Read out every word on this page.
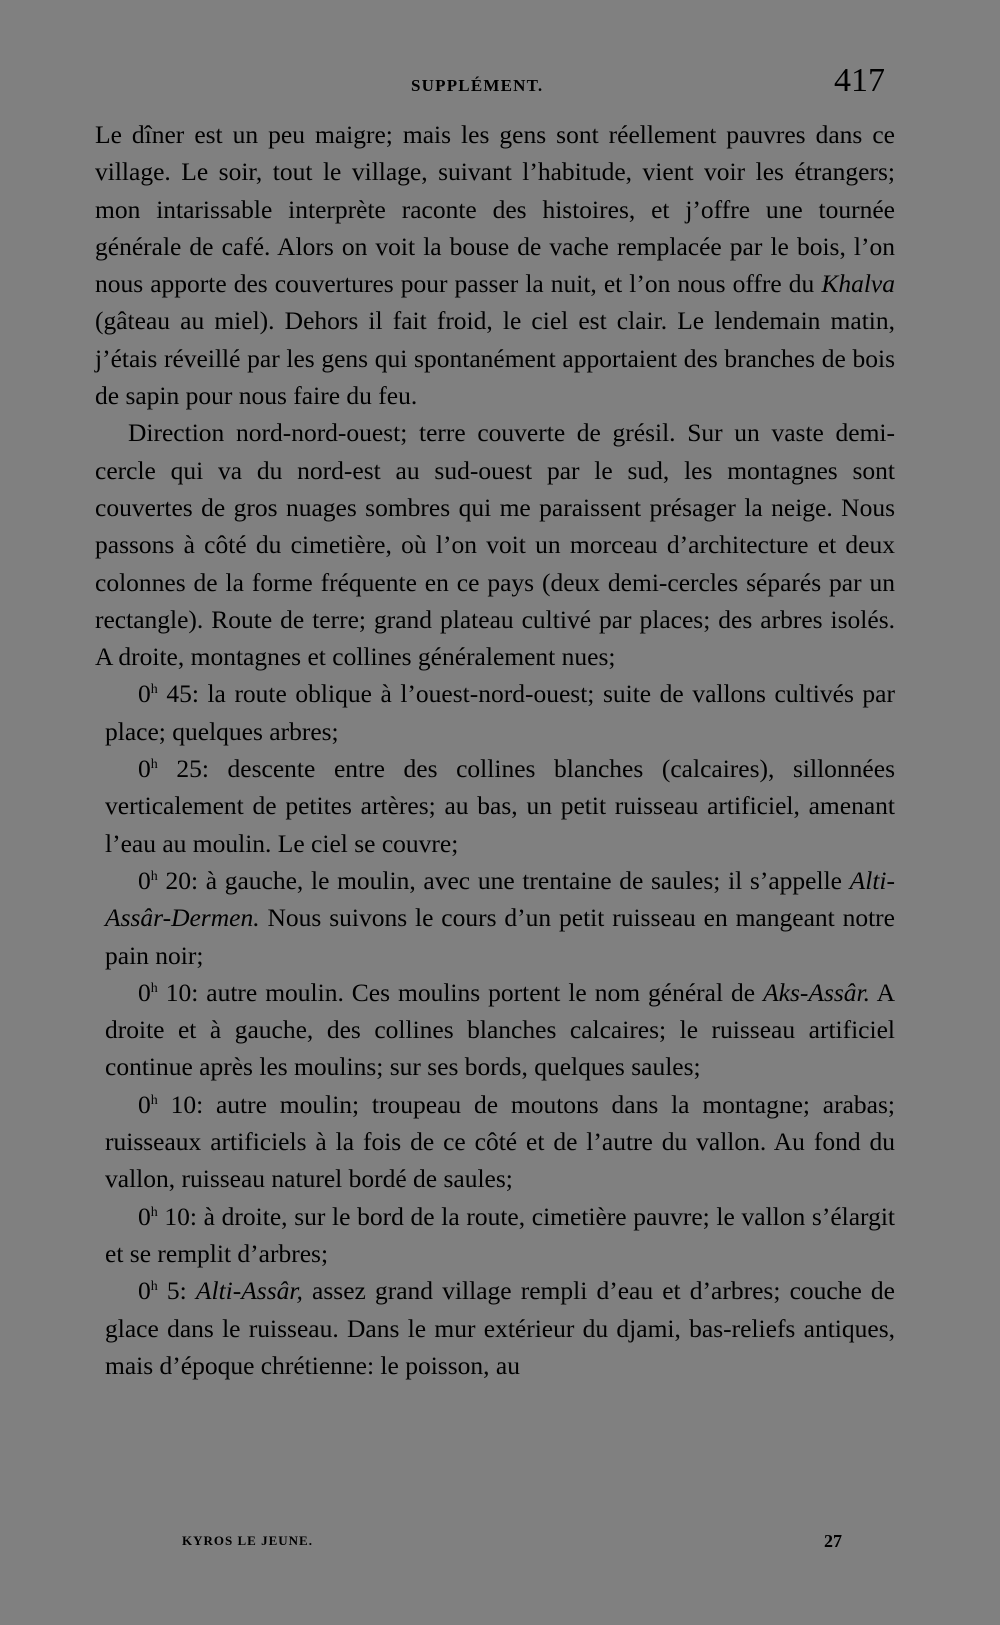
SUPPLÉMENT.	417

Le dîner est un peu maigre; mais les gens sont réellement pauvres dans ce village. Le soir, tout le village, suivant l’habitude, vient voir les étrangers; mon intarissable interprète raconte des histoires, et j’offre une tournée générale de café. Alors on voit la bouse de vache remplacée par le bois, l’on nous apporte des couvertures pour passer la nuit, et l’on nous offre du Khalva (gâteau au miel). Dehors il fait froid, le ciel est clair. Le lendemain matin, j’étais réveillé par les gens qui spontanément apportaient des branches de bois de sapin pour nous faire du feu.

Direction nord-nord-ouest; terre couverte de grésil. Sur un vaste demi-cercle qui va du nord-est au sud-ouest par le sud, les montagnes sont couvertes de gros nuages sombres qui me paraissent présager la neige. Nous passons à côté du cimetière, où l’on voit un morceau d’architecture et deux colonnes de la forme fréquente en ce pays (deux demi-cercles séparés par un rectangle). Route de terre; grand plateau cultivé par places; des arbres isolés. A droite, montagnes et collines généralement nues;

0$^h$ 45: la route oblique à l’ouest-nord-ouest; suite de vallons cultivés par place; quelques arbres;

0$^h$ 25: descente entre des collines blanches (calcaires), sillonnées verticalement de petites artères; au bas, un petit ruisseau artificiel, amenant l’eau au moulin. Le ciel se couvre;

0$^h$ 20: à gauche, le moulin, avec une trentaine de saules; il s’appelle Alti-Assâr-Dermen. Nous suivons le cours d’un petit ruisseau en mangeant notre pain noir;

0$^h$ 10: autre moulin. Ces moulins portent le nom général de Aks-Assâr. A droite et à gauche, des collines blanches calcaires; le ruisseau artificiel continue après les moulins; sur ses bords, quelques saules;

0$^h$ 10: autre moulin; troupeau de moutons dans la montagne; arabas; ruisseaux artificiels à la fois de ce côté et de l’autre du vallon. Au fond du vallon, ruisseau naturel bordé de saules;

0$^h$ 10: à droite, sur le bord de la route, cimetière pauvre; le vallon s’élargit et se remplit d’arbres;

0$^h$ 5: Alti-Assâr, assez grand village rempli d’eau et d’arbres; couche de glace dans le ruisseau. Dans le mur extérieur du djami, bas-reliefs antiques, mais d’époque chrétienne: le poisson, au

KYROS LE JEUNE.	27
